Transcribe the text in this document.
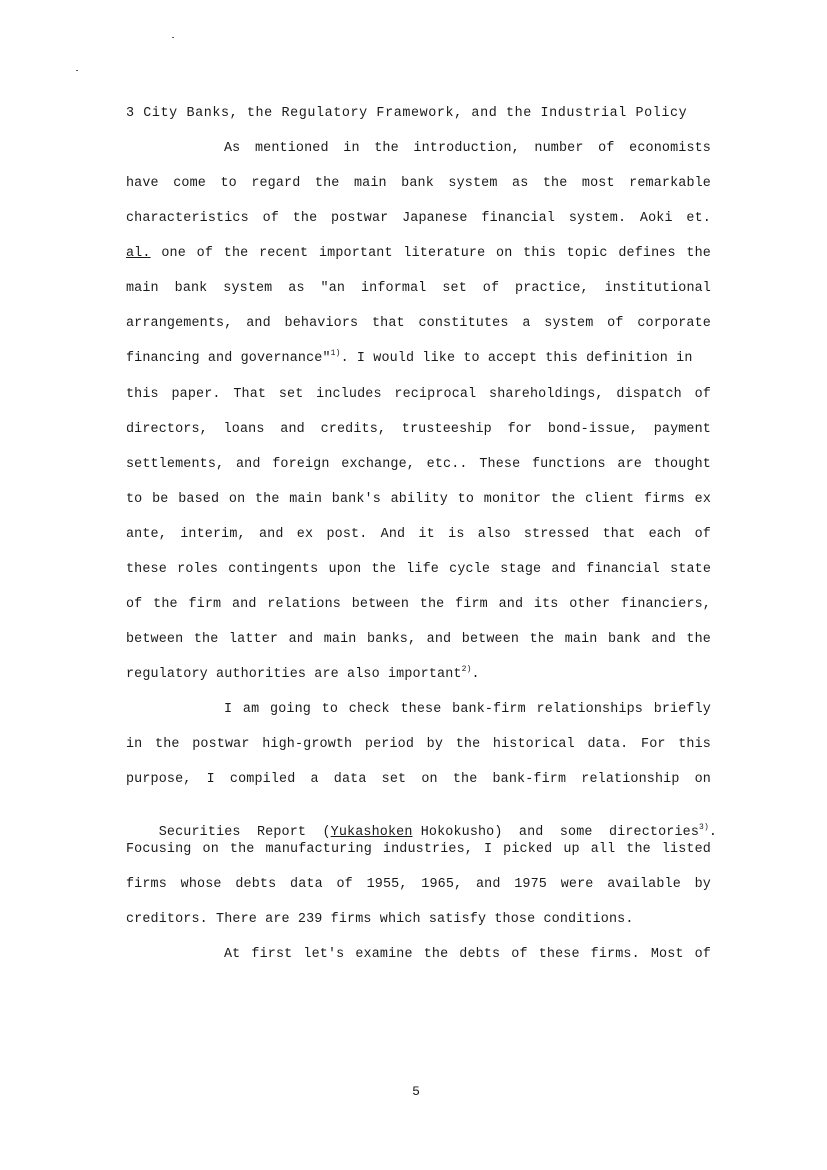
3 City Banks, the Regulatory Framework, and the Industrial Policy
As mentioned in the introduction, number of economists
have come to regard the main bank system as the most remarkable
characteristics of the postwar Japanese financial system. Aoki et.
al. one of the recent important literature on this topic defines the
main bank system as "an informal set of practice, institutional
arrangements, and behaviors that constitutes a system of corporate
financing and governance"$^{1)}$. I would like to accept this definition in
this paper. That set includes reciprocal shareholdings, dispatch of
directors, loans and credits, trusteeship for bond-issue, payment
settlements, and foreign exchange, etc.. These functions are thought
to be based on the main bank's ability to monitor the client firms ex
ante, interim, and ex post. And it is also stressed that each of
these roles contingents upon the life cycle stage and financial state
of the firm and relations between the firm and its other financiers,
between the latter and main banks, and between the main bank and the
regulatory authorities are also important$^{2)}$.
I am going to check these bank-firm relationships briefly
in the postwar high-growth period by the historical data. For this
purpose, I compiled a data set on the bank-firm relationship on

Securities  Report  (Yukashoken Hokokusho)  and  some  directories$^{3)}$.

Focusing on the manufacturing industries, I picked up all the listed
firms whose debts data of 1955, 1965, and 1975 were available by
creditors. There are 239 firms which satisfy those conditions.
At first let's examine the debts of these firms. Most of
5
